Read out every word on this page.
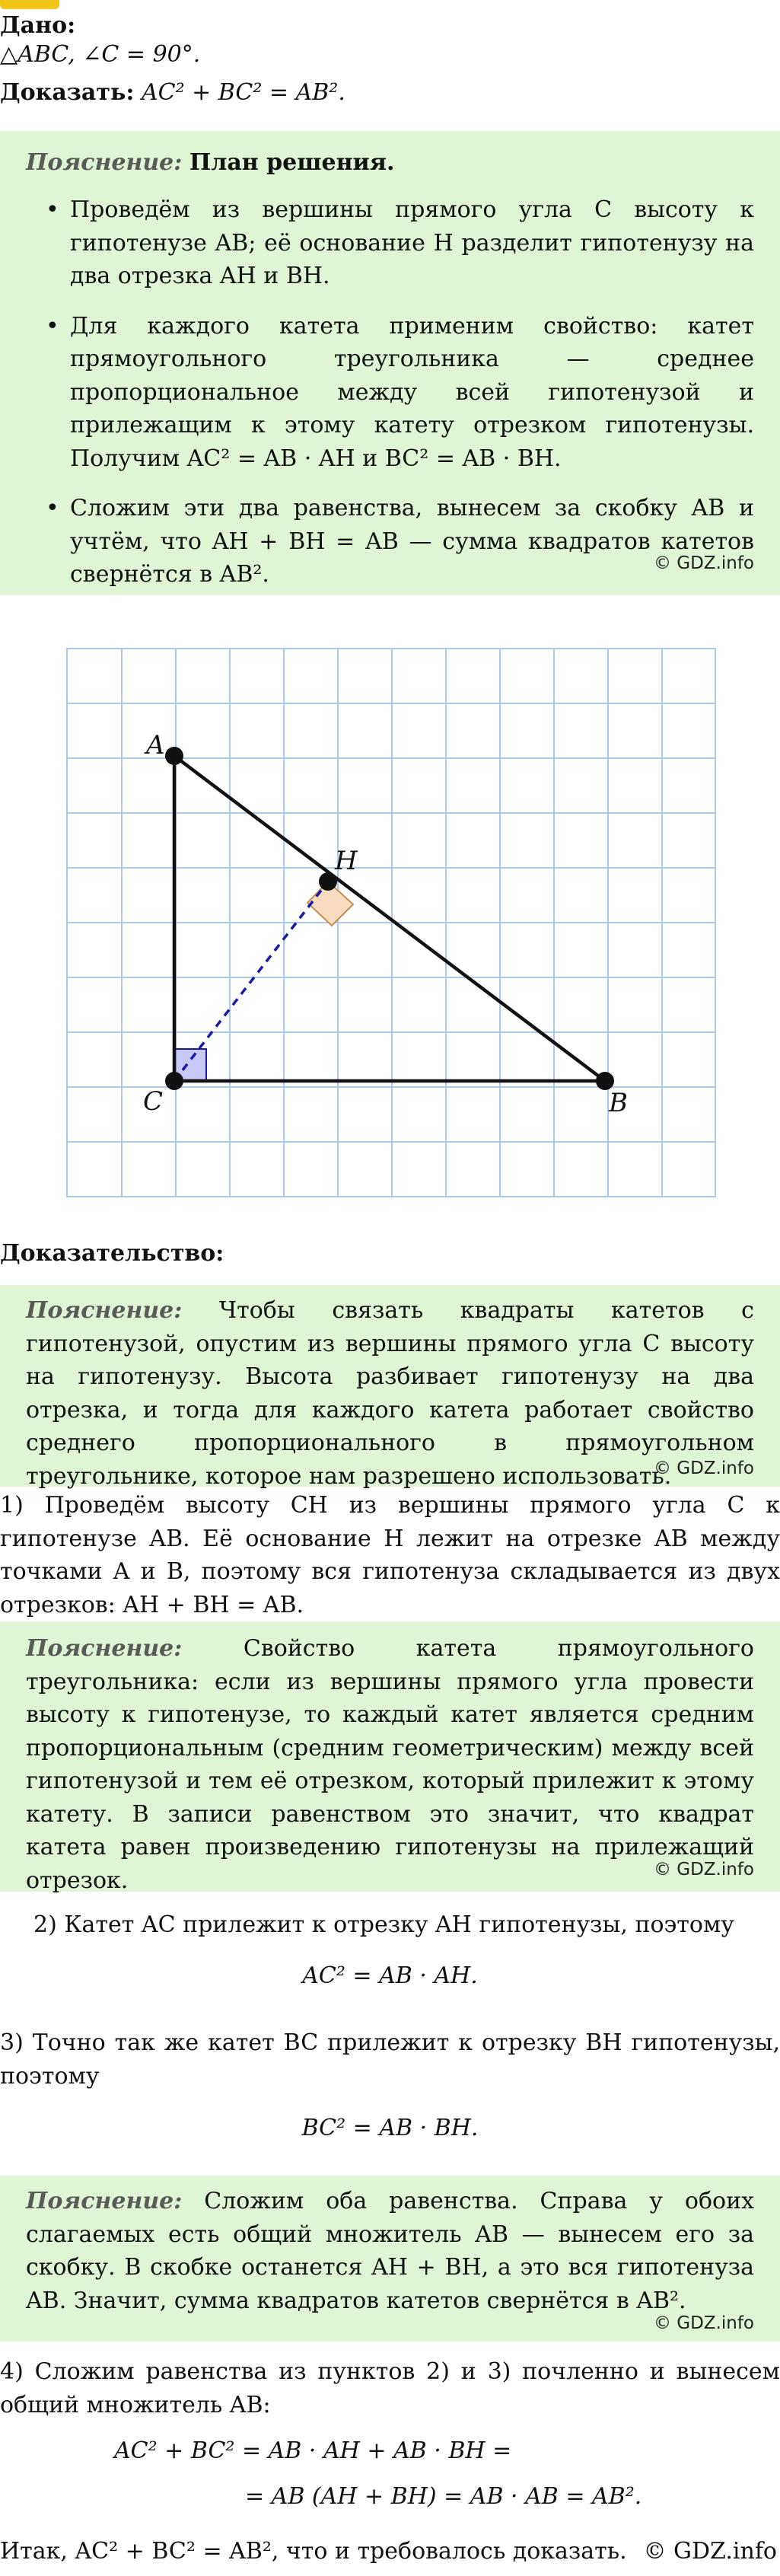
Дано:
△ABC, ∠C = 90°.
Доказать: AC² + BC² = AB².
Пояснение: План решения.
• Проведём из вершины прямого угла C высоту к гипотенузе AB; её основание H разделит гипотенузу на два отрезка AH и BH.
• Для каждого катета применим свойство: катет прямоугольного треугольника — среднее пропорциональное между всей гипотенузой и прилежащим к этому катету отрезком гипотенузы. Получим AC² = AB · AH и BC² = AB · BH.
• Сложим эти два равенства, вынесем за скобку AB и учтём, что AH + BH = AB — сумма квадратов катетов свернётся в AB².	© GDZ.info
A
C	B
H
Доказательство:
Пояснение: Чтобы связать квадраты катетов с гипотенузой, опустим из вершины прямого угла C высоту на гипотенузу. Высота разбивает гипотенузу на два отрезка, и тогда для каждого катета работает свойство среднего пропорционального в прямоугольном треугольнике, которое нам разрешено использовать.
© GDZ.info
1) Проведём высоту CH из вершины прямого угла C к гипотенузе AB. Её основание H лежит на отрезке AB между точками A и B, поэтому вся гипотенуза складывается из двух отрезков: AH + BH = AB.
Пояснение:	Свойство катета прямоугольного треугольника: если из вершины прямого угла провести высоту к гипотенузе, то каждый катет является средним пропорциональным (средним геометрическим) между всей гипотенузой и тем её отрезком, который прилежит к этому катету. В записи равенством это значит, что квадрат катета равен произведению гипотенузы на прилежащий отрезок.	© GDZ.info
2) Катет AC прилежит к отрезку AH гипотенузы, поэтому
AC² = AB · AH.
3) Точно так же катет BC прилежит к отрезку BH гипотенузы, поэтому
BC² = AB · BH.
Пояснение: Сложим оба равенства. Справа у обоих слагаемых есть общий множитель AB — вынесем его за скобку. В скобке останется AH + BH, а это вся гипотенуза AB. Значит, сумма квадратов катетов свернётся в AB².
© GDZ.info
4) Сложим равенства из пунктов 2) и 3) почленно и вынесем общий множитель AB:
AC² + BC² = AB · AH + AB · BH =
= AB (AH + BH) = AB · AB = AB².
Итак, AC² + BC² = AB², что и требовалось доказать. © GDZ.info
